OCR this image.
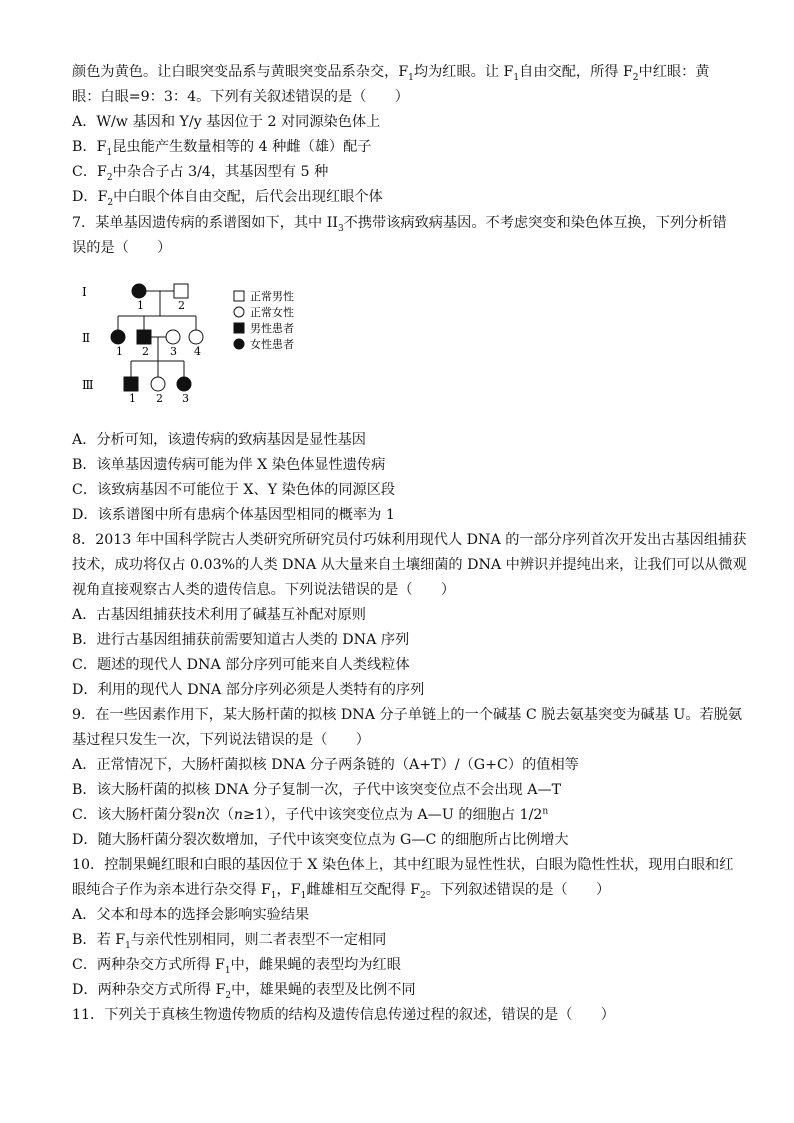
颜色为黄色。让白眼突变品系与黄眼突变品系杂交，$F_1$均为红眼。让 $F_1$自由交配，所得 $F_2$中红眼：黄
眼：白眼=9：3：4。下列有关叙述错误的是（　　）
A．W/w 基因和 Y/y 基因位于 2 对同源染色体上
B．$F_1$昆虫能产生数量相等的 4 种雌（雄）配子
C．$F_2$中杂合子占 3/4，其基因型有 5 种
D．$F_2$中白眼个体自由交配，后代会出现红眼个体
7．某单基因遗传病的系谱图如下，其中 $II_3$不携带该病致病基因。不考虑突变和染色体互换，下列分析错
误的是（　　）
I
Ⅱ
Ⅲ
1	2
1 2 3 4
1 2 3
正常男性
正常女性
男性患者
女性患者
A．分析可知，该遗传病的致病基因是显性基因
B．该单基因遗传病可能为伴 X 染色体显性遗传病
C．该致病基因不可能位于 X、Y 染色体的同源区段
D．该系谱图中所有患病个体基因型相同的概率为 1
8．2013 年中国科学院古人类研究所研究员付巧妹利用现代人 DNA 的一部分序列首次开发出古基因组捕获
技术，成功将仅占 0.03%的人类 DNA 从大量来自土壤细菌的 DNA 中辨识并提纯出来，让我们可以从微观
视角直接观察古人类的遗传信息。下列说法错误的是（　　）
A．古基因组捕获技术利用了碱基互补配对原则
B．进行古基因组捕获前需要知道古人类的 DNA 序列
C．题述的现代人 DNA 部分序列可能来自人类线粒体
D．利用的现代人 DNA 部分序列必须是人类特有的序列
9．在一些因素作用下，某大肠杆菌的拟核 DNA 分子单链上的一个碱基 C 脱去氨基突变为碱基 U。若脱氨
基过程只发生一次，下列说法错误的是（　　）
A．正常情况下，大肠杆菌拟核 DNA 分子两条链的（A+T）/（G+C）的值相等
B．该大肠杆菌的拟核 DNA 分子复制一次，子代中该突变位点不会出现 A—T
C．该大肠杆菌分裂n次（n≥1），子代中该突变位点为 A—U 的细胞占 1/2$^n$
D．随大肠杆菌分裂次数增加，子代中该突变位点为 G—C 的细胞所占比例增大
10．控制果蝇红眼和白眼的基因位于 X 染色体上，其中红眼为显性性状，白眼为隐性性状，现用白眼和红
眼纯合子作为亲本进行杂交得 $F_1$，$F_1$雌雄相互交配得 $F_2$。下列叙述错误的是（　　）
A．父本和母本的选择会影响实验结果
B．若 $F_1$与亲代性别相同，则二者表型不一定相同
C．两种杂交方式所得 $F_1$中，雌果蝇的表型均为红眼
D．两种杂交方式所得 $F_2$中，雄果蝇的表型及比例不同
11．下列关于真核生物遗传物质的结构及遗传信息传递过程的叙述，错误的是（　　）
